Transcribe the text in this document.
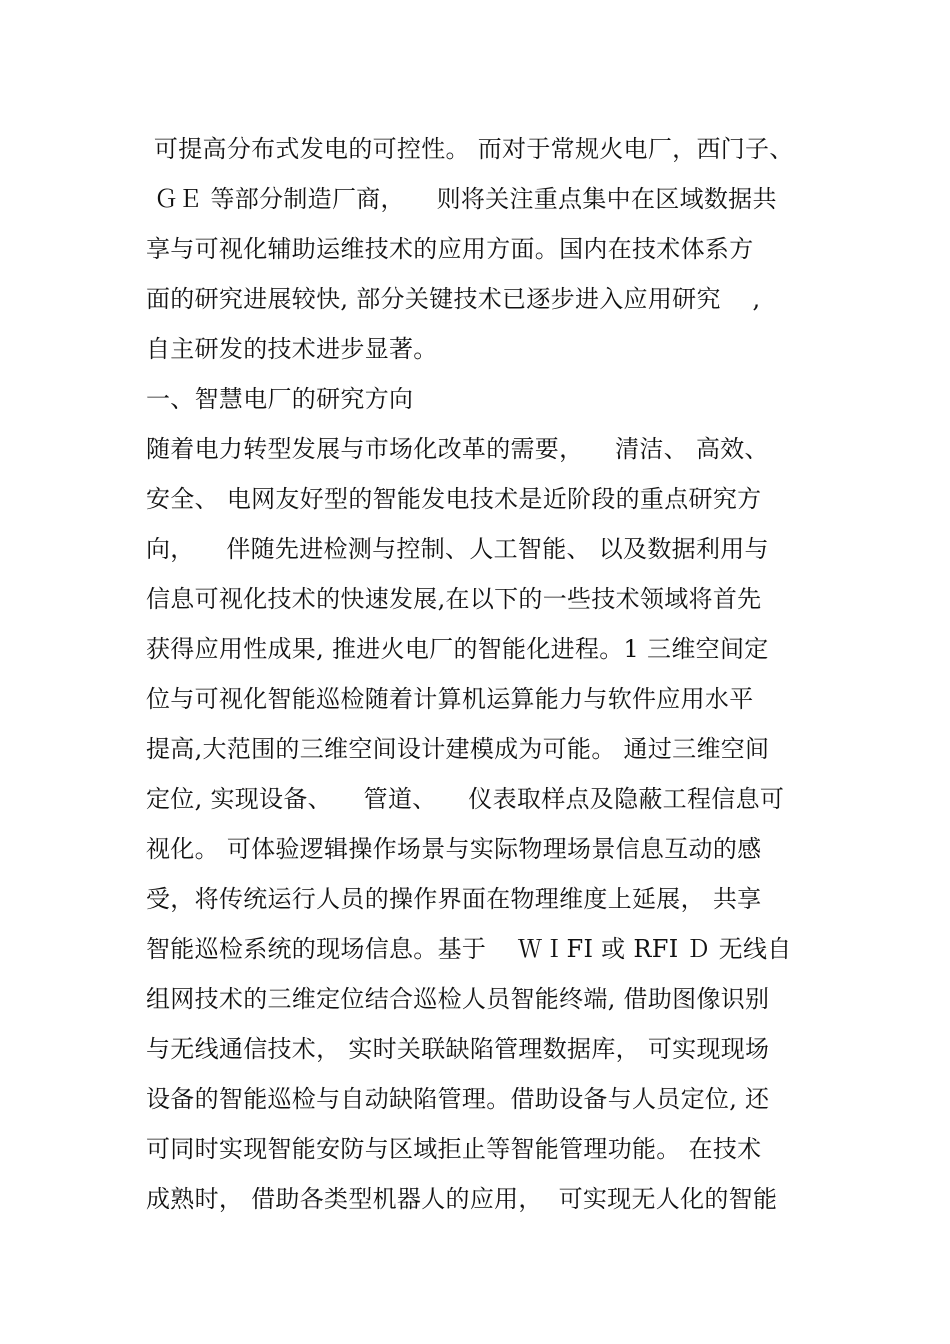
可提高分布式发电的可控性。 而对于常规火电厂，西门子、
ＧＥ 等部分制造厂商，    则将关注重点集中在区域数据共
享与可视化辅助运维技术的应用方面。国内在技术体系方
面的研究进展较快, 部分关键技术已逐步进入应用研究    ,
自主研发的技术进步显著。
一、智慧电厂的研究方向
随着电力转型发展与市场化改革的需要，    清洁、 高效、
安全、 电网友好型的智能发电技术是近阶段的重点研究方
向，    伴随先进检测与控制、人工智能、 以及数据利用与
信息可视化技术的快速发展,在以下的一些技术领域将首先
获得应用性成果, 推进火电厂的智能化进程。1 三维空间定
位与可视化智能巡检随着计算机运算能力与软件应用水平
提高,大范围的三维空间设计建模成为可能。 通过三维空间
定位, 实现设备、    管道、    仪表取样点及隐蔽工程信息可
视化。 可体验逻辑操作场景与实际物理场景信息互动的感
受，将传统运行人员的操作界面在物理维度上延展， 共享
智能巡检系统的现场信息。基于    ＷＩFI 或 RFI Ｄ 无线自
组网技术的三维定位结合巡检人员智能终端, 借助图像识别
与无线通信技术， 实时关联缺陷管理数据库， 可实现现场
设备的智能巡检与自动缺陷管理。借助设备与人员定位, 还
可同时实现智能安防与区域拒止等智能管理功能。 在技术
成熟时， 借助各类型机器人的应用，  可实现无人化的智能
